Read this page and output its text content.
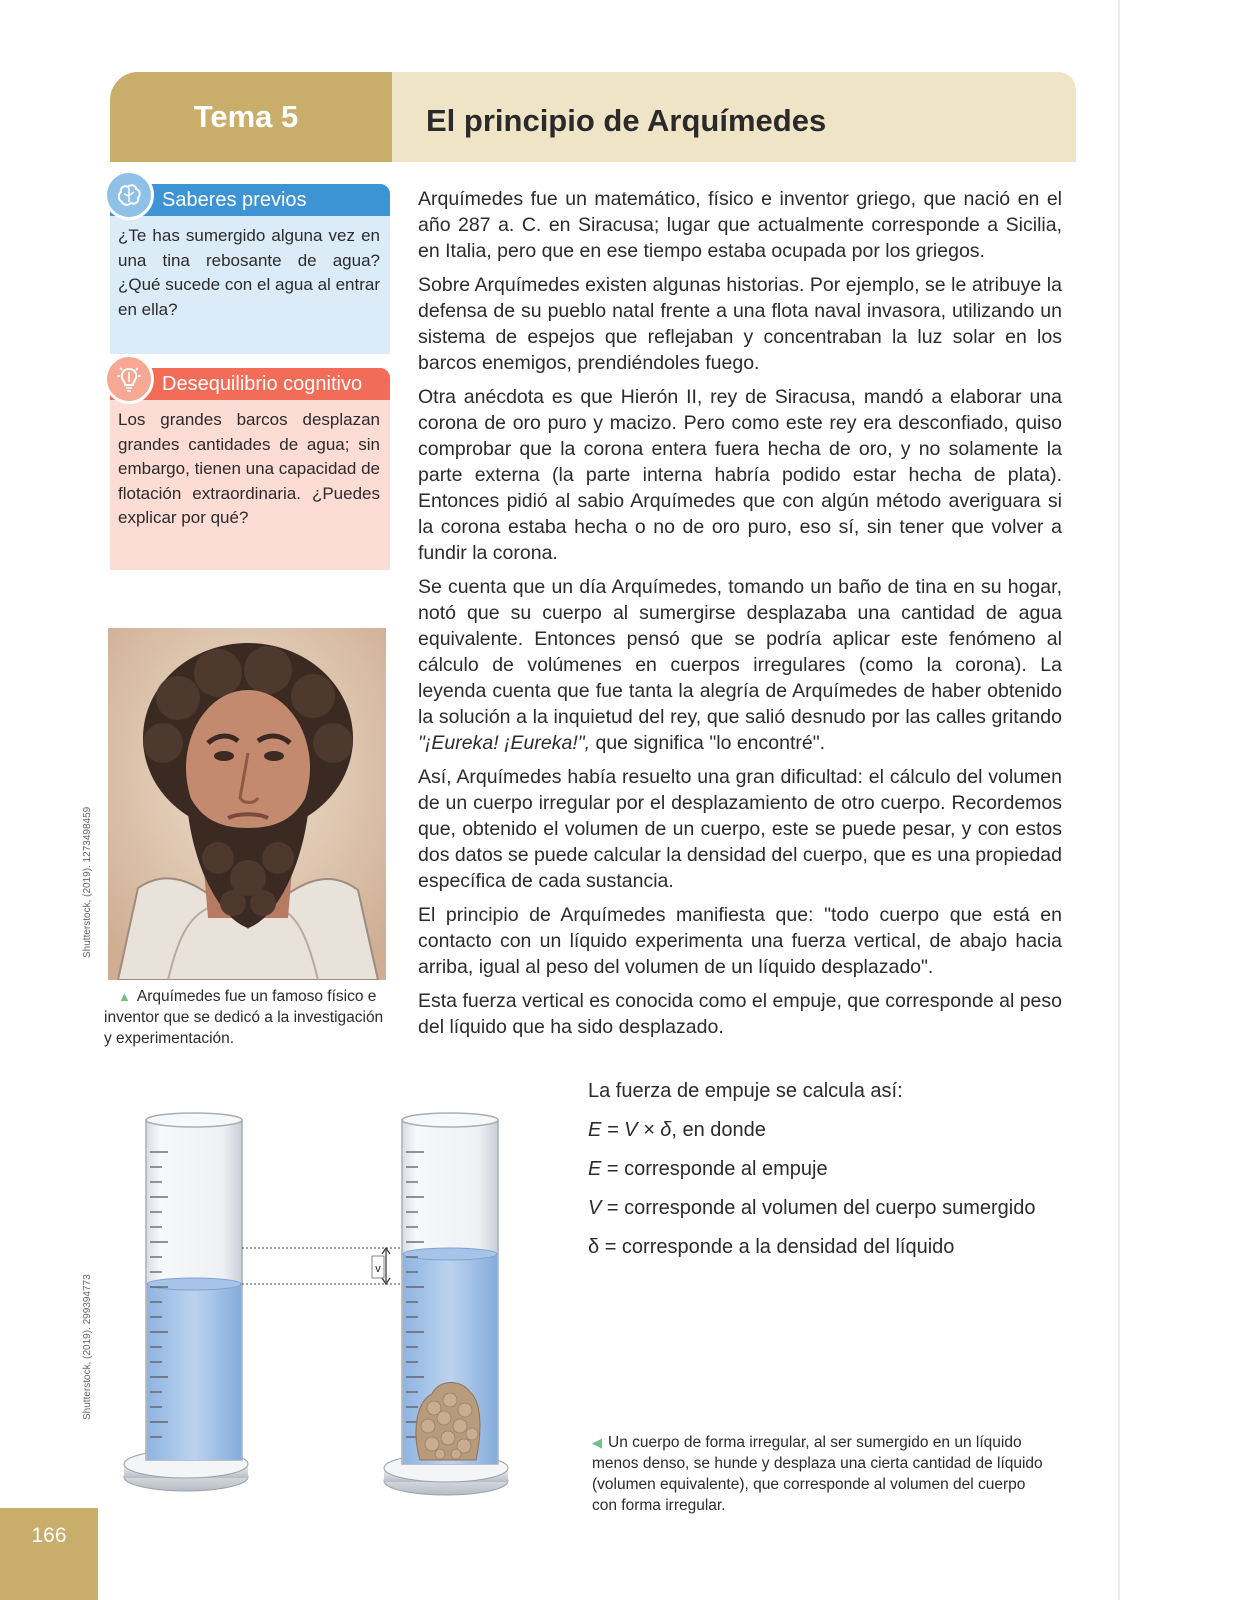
Tema 5	El principio de Arquímedes
Saberes previos
¿Te has sumergido alguna vez en una tina rebosante de agua? ¿Qué sucede con el agua al entrar en ella?
Desequilibrio cognitivo
Los grandes barcos desplazan grandes cantidades de agua; sin embargo, tienen una capacidad de flotación extraordinaria. ¿Puedes explicar por qué?
Shutterstock, (2019). 1273498459
▲ Arquímedes fue un famoso físico e inventor que se dedicó a la investigación y experimentación.

Arquímedes fue un matemático, físico e inventor griego, que nació en el año 287 a. C. en Siracusa; lugar que actualmente corresponde a Sicilia, en Italia, pero que en ese tiempo estaba ocupada por los griegos.

Sobre Arquímedes existen algunas historias. Por ejemplo, se le atribuye la defensa de su pueblo natal frente a una flota naval invasora, utilizando un sistema de espejos que reflejaban y concentraban la luz solar en los barcos enemigos, prendiéndoles fuego.

Otra anécdota es que Hierón II, rey de Siracusa, mandó a elaborar una corona de oro puro y macizo. Pero como este rey era desconfiado, quiso comprobar que la corona entera fuera hecha de oro, y no solamente la parte externa (la parte interna habría podido estar hecha de plata). Entonces pidió al sabio Arquímedes que con algún método averiguara si la corona estaba hecha o no de oro puro, eso sí, sin tener que volver a fundir la corona.

Se cuenta que un día Arquímedes, tomando un baño de tina en su hogar, notó que su cuerpo al sumergirse desplazaba una cantidad de agua equivalente. Entonces pensó que se podría aplicar este fenómeno al cálculo de volúmenes en cuerpos irregulares (como la corona). La leyenda cuenta que fue tanta la alegría de Arquímedes de haber obtenido la solución a la inquietud del rey, que salió desnudo por las calles gritando "¡Eureka! ¡Eureka!", que significa "lo encontré".

Así, Arquímedes había resuelto una gran dificultad: el cálculo del volumen de un cuerpo irregular por el desplazamiento de otro cuerpo. Recordemos que, obtenido el volumen de un cuerpo, este se puede pesar, y con estos dos datos se puede calcular la densidad del cuerpo, que es una propiedad específica de cada sustancia.

El principio de Arquímedes manifiesta que: "todo cuerpo que está en contacto con un líquido experimenta una fuerza vertical, de abajo hacia arriba, igual al peso del volumen de un líquido desplazado".

Esta fuerza vertical es conocida como el empuje, que corresponde al peso del líquido que ha sido desplazado.

La fuerza de empuje se calcula así:
E = V × δ, en donde
E = corresponde al empuje
V = corresponde al volumen del cuerpo sumergido
δ = corresponde a la densidad del líquido
v
Shutterstock, (2019). 299394773
◀ Un cuerpo de forma irregular, al ser sumergido en un líquido menos denso, se hunde y desplaza una cierta cantidad de líquido (volumen equivalente), que corresponde al volumen del cuerpo con forma irregular.
166
